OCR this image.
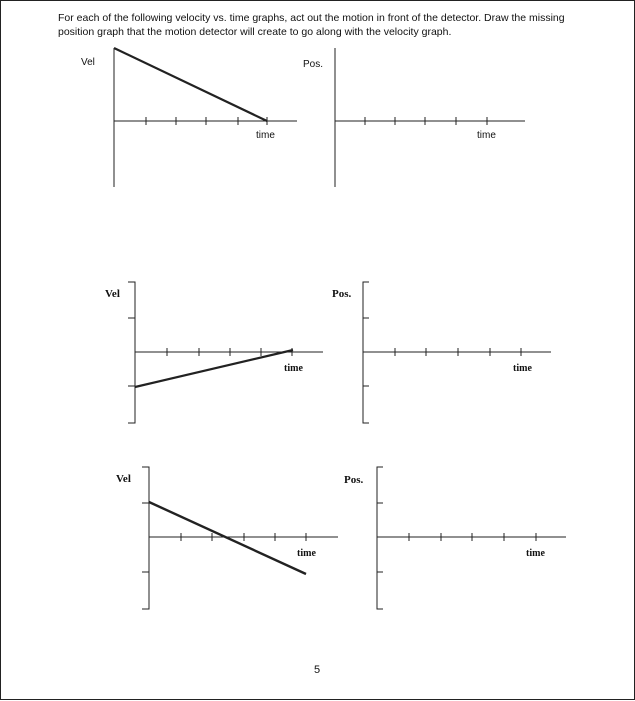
For each of the following velocity vs. time graphs, act out the motion in front of the detector. Draw the missing position graph that the motion detector will create to go along with the velocity graph.
Vel	Pos.
time	time
Vel	Pos.
time	time
Vel	Pos.
time	time
5
